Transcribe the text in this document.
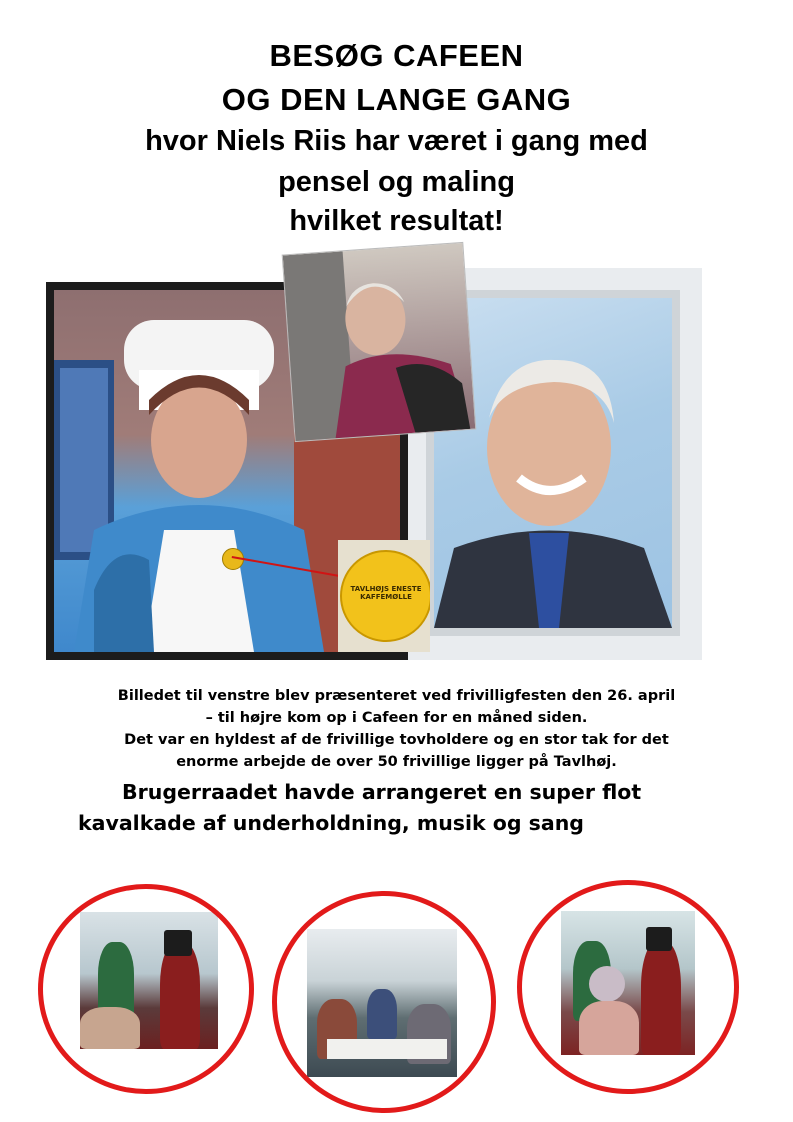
BESØG CAFEEN
OG DEN LANGE GANG
hvor Niels Riis har været i gang med
pensel og maling
hvilket resultat!
TAVLHØJS ENESTE KAFFEMØLLE
Billedet til venstre blev præsenteret ved frivilligfesten den 26. april
– til højre kom op i Cafeen for en måned siden.
Det var en hyldest af de frivillige tovholdere og en stor tak for det
enorme arbejde de over 50 frivillige ligger på Tavlhøj.
Brugerraadet havde arrangeret en super flot
kavalkade af underholdning, musik og sang
